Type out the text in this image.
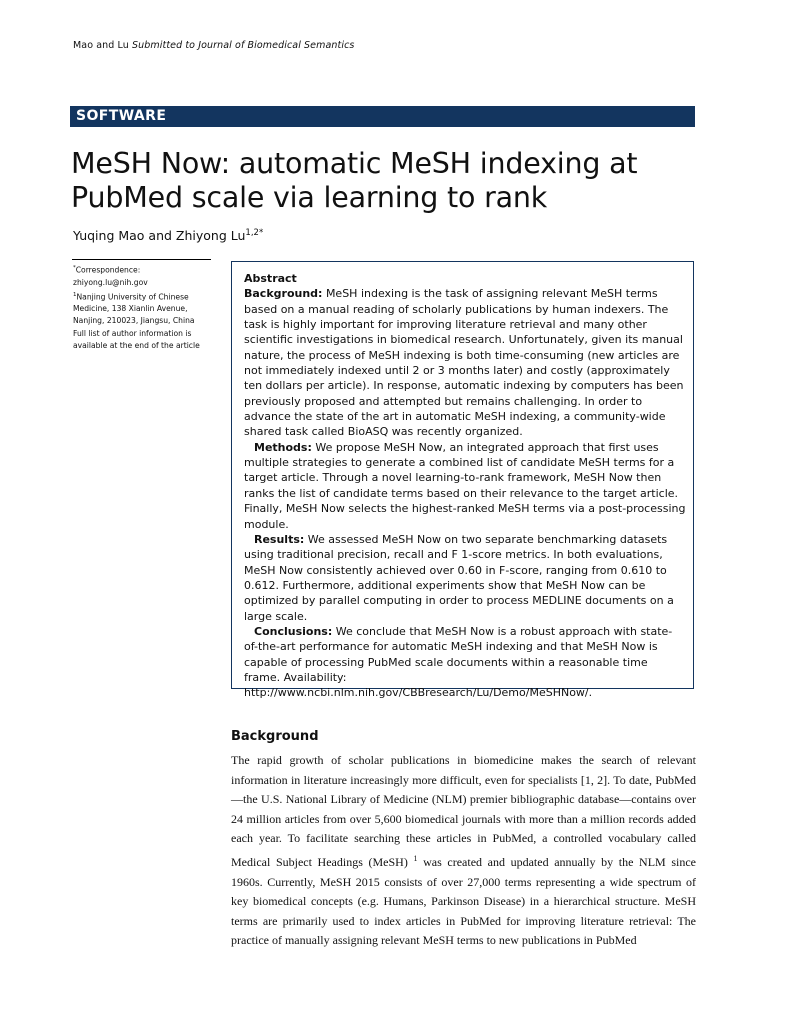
Mao and Lu Submitted to Journal of Biomedical Semantics
SOFTWARE
MeSH Now: automatic MeSH indexing at PubMed scale via learning to rank
Yuqing Mao and Zhiyong $Lu^{1,2*}$
*Correspondence:
zhiyong.lu@nih.gov
$^1$Nanjing University of Chinese Medicine, 138 Xianlin Avenue, Nanjing, 210023, Jiangsu, China
Full list of author information is available at the end of the article

Abstract

Background: MeSH indexing is the task of assigning relevant MeSH terms based on a manual reading of scholarly publications by human indexers. The task is highly important for improving literature retrieval and many other scientific investigations in biomedical research. Unfortunately, given its manual nature, the process of MeSH indexing is both time-consuming (new articles are not immediately indexed until 2 or 3 months later) and costly (approximately ten dollars per article). In response, automatic indexing by computers has been previously proposed and attempted but remains challenging. In order to advance the state of the art in automatic MeSH indexing, a community-wide shared task called BioASQ was recently organized.

Methods: We propose MeSH Now, an integrated approach that first uses multiple strategies to generate a combined list of candidate MeSH terms for a target article. Through a novel learning-to-rank framework, MeSH Now then ranks the list of candidate terms based on their relevance to the target article. Finally, MeSH Now selects the highest-ranked MeSH terms via a post-processing module.

Results: We assessed MeSH Now on two separate benchmarking datasets using traditional precision, recall and F 1-score metrics. In both evaluations, MeSH Now consistently achieved over 0.60 in F-score, ranging from 0.610 to 0.612. Furthermore, additional experiments show that MeSH Now can be optimized by parallel computing in order to process MEDLINE documents on a large scale.

Conclusions: We conclude that MeSH Now is a robust approach with state-of-the-art performance for automatic MeSH indexing and that MeSH Now is capable of processing PubMed scale documents within a reasonable time frame. Availability: http://www.ncbi.nlm.nih.gov/CBBresearch/Lu/Demo/MeSHNow/.

Background
The rapid growth of scholar publications in biomedicine makes the search of relevant information in literature increasingly more difficult, even for specialists [1, 2]. To date, PubMed—the U.S. National Library of Medicine (NLM) premier bibliographic database—contains over 24 million articles from over 5,600 biomedical journals with more than a million records added each year. To facilitate searching these articles in PubMed, a controlled vocabulary called Medical Subject Headings (MeSH) $^1$ was created and updated annually by the NLM since 1960s. Currently, MeSH 2015 consists of over 27,000 terms representing a wide spectrum of key biomedical concepts (e.g. Humans, Parkinson Disease) in a hierarchical structure. MeSH terms are primarily used to index articles in PubMed for improving literature retrieval: The practice of manually assigning relevant MeSH terms to new publications in PubMed
